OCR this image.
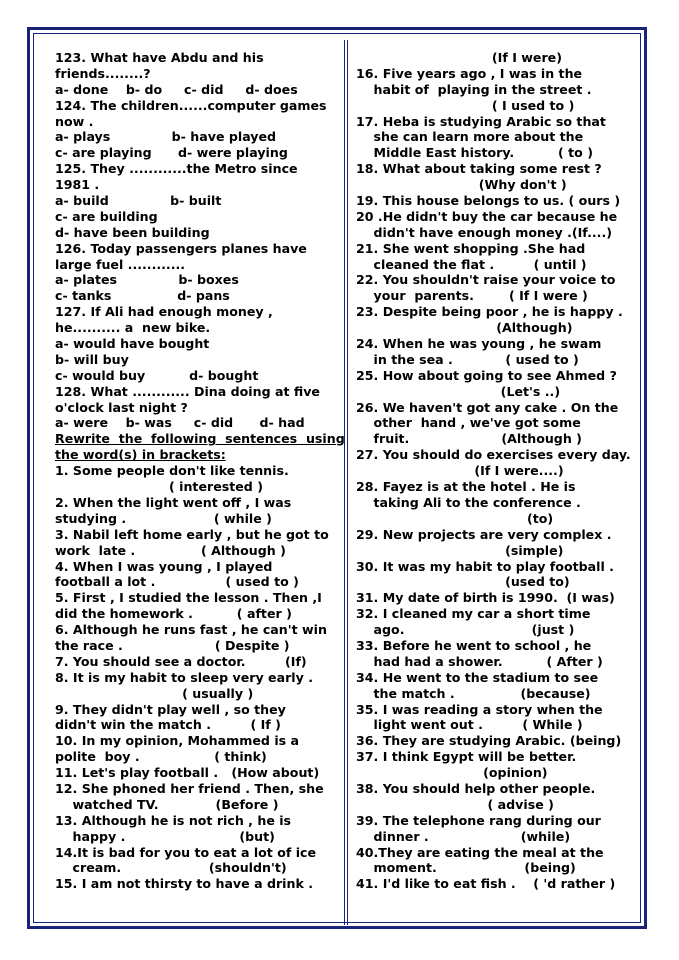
123. What have Abdu and his
friends........?
a- done    b- do     c- did     d- does
124. The children......computer games
now .
a- plays              b- have played
c- are playing      d- were playing
125. They ............the Metro since
1981 .
a- build              b- built
c- are building
d- have been building
126. Today passengers planes have
large fuel ............
a- plates              b- boxes
c- tanks               d- pans
127. If Ali had enough money ,
he.......... a  new bike.
a- would have bought
b- will buy
c- would buy          d- bought
128. What ............ Dina doing at five
o'clock last night ?
a- were    b- was     c- did      d- had
Rewrite  the  following  sentences  using
the word(s) in brackets:
1. Some people don't like tennis.
( interested )
2. When the light went off , I was
studying .                    ( while )
3. Nabil left home early , but he got to
work  late .               ( Although )
4. When I was young , I played
football a lot .                ( used to )
5. First , I studied the lesson . Then ,I
did the homework .          ( after )
6. Although he runs fast , he can't win
the race .                     ( Despite )
7. You should see a doctor.         (If)
8. It is my habit to sleep very early .
( usually )
9. They didn't play well , so they
didn't win the match .         ( If )
10. In my opinion, Mohammed is a
polite  boy .                 ( think)
11. Let's play football .   (How about)
12. She phoned her friend . Then, she
watched TV.             (Before )
13. Although he is not rich , he is
happy .                          (but)
14.It is bad for you to eat a lot of ice
cream.                    (shouldn't)
15. I am not thirsty to have a drink .
(If I were)
16. Five years ago , I was in the
habit of  playing in the street .
( I used to )
17. Heba is studying Arabic so that
she can learn more about the
Middle East history.          ( to )
18. What about taking some rest ?
(Why don't )
19. This house belongs to us. ( ours )
20 .He didn't buy the car because he
didn't have enough money .(If....)
21. She went shopping .She had
cleaned the flat .         ( until )
22. You shouldn't raise your voice to
your  parents.        ( If I were )
23. Despite being poor , he is happy .
(Although)
24. When he was young , he swam
in the sea .            ( used to )
25. How about going to see Ahmed ?
(Let's ..)
26. We haven't got any cake . On the
other  hand , we've got some
fruit.                     (Although )
27. You should do exercises every day.
(If I were....)
28. Fayez is at the hotel . He is
taking Ali to the conference .
(to)
29. New projects are very complex .
(simple)
30. It was my habit to play football .
(used to)
31. My date of birth is 1990.  (I was)
32. I cleaned my car a short time
ago.                             (just )
33. Before he went to school , he
had had a shower.          ( After )
34. He went to the stadium to see
the match .               (because)
35. I was reading a story when the
light went out .         ( While )
36. They are studying Arabic. (being)
37. I think Egypt will be better.
(opinion)
38. You should help other people.
( advise )
39. The telephone rang during our
dinner .                     (while)
40.They are eating the meal at the
moment.                    (being)
41. I'd like to eat fish .    ( 'd rather )
